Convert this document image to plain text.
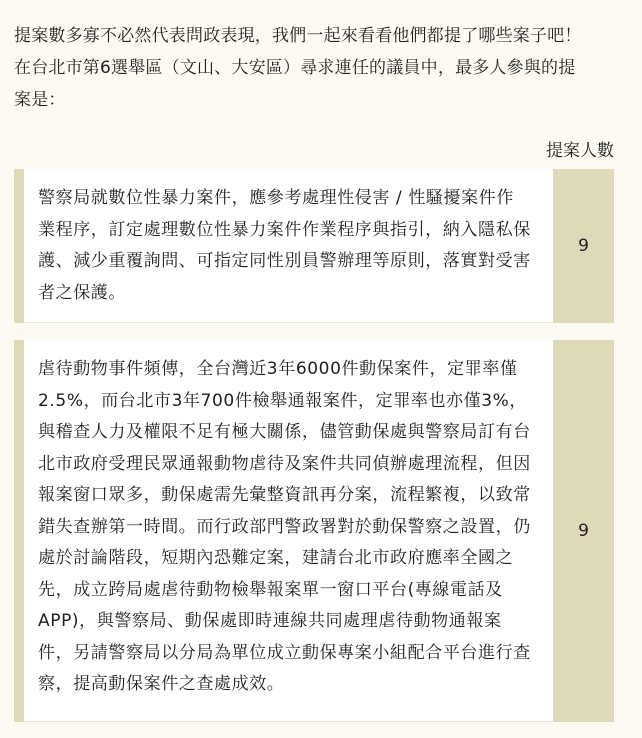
提案數多寡不必然代表問政表現，我們一起來看看他們都提了哪些案子吧！
在台北市第6選舉區（文山、大安區）尋求連任的議員中，最多人參與的提
案是：
提案人數
警察局就數位性暴力案件，應參考處理性侵害 / 性騷擾案件作業程序，訂定處理數位性暴力案件作業程序與指引，納入隱私保護、減少重覆詢問、可指定同性別員警辦理等原則，落實對受害者之保護。
9
虐待動物事件頻傳，全台灣近3年6000件動保案件，定罪率僅2.5%，而台北市3年700件檢舉通報案件，定罪率也亦僅3%，與稽查人力及權限不足有極大關係，儘管動保處與警察局訂有台北市政府受理民眾通報動物虐待及案件共同偵辦處理流程，但因報案窗口眾多，動保處需先彙整資訊再分案，流程繁複，以致常錯失查辦第一時間。而行政部門警政署對於動保警察之設置，仍處於討論階段，短期內恐難定案，建請台北市政府應率全國之先，成立跨局處虐待動物檢舉報案單一窗口平台(專線電話及APP)，與警察局、動保處即時連線共同處理虐待動物通報案件，另請警察局以分局為單位成立動保專案小組配合平台進行查察，提高動保案件之查處成效。
9
